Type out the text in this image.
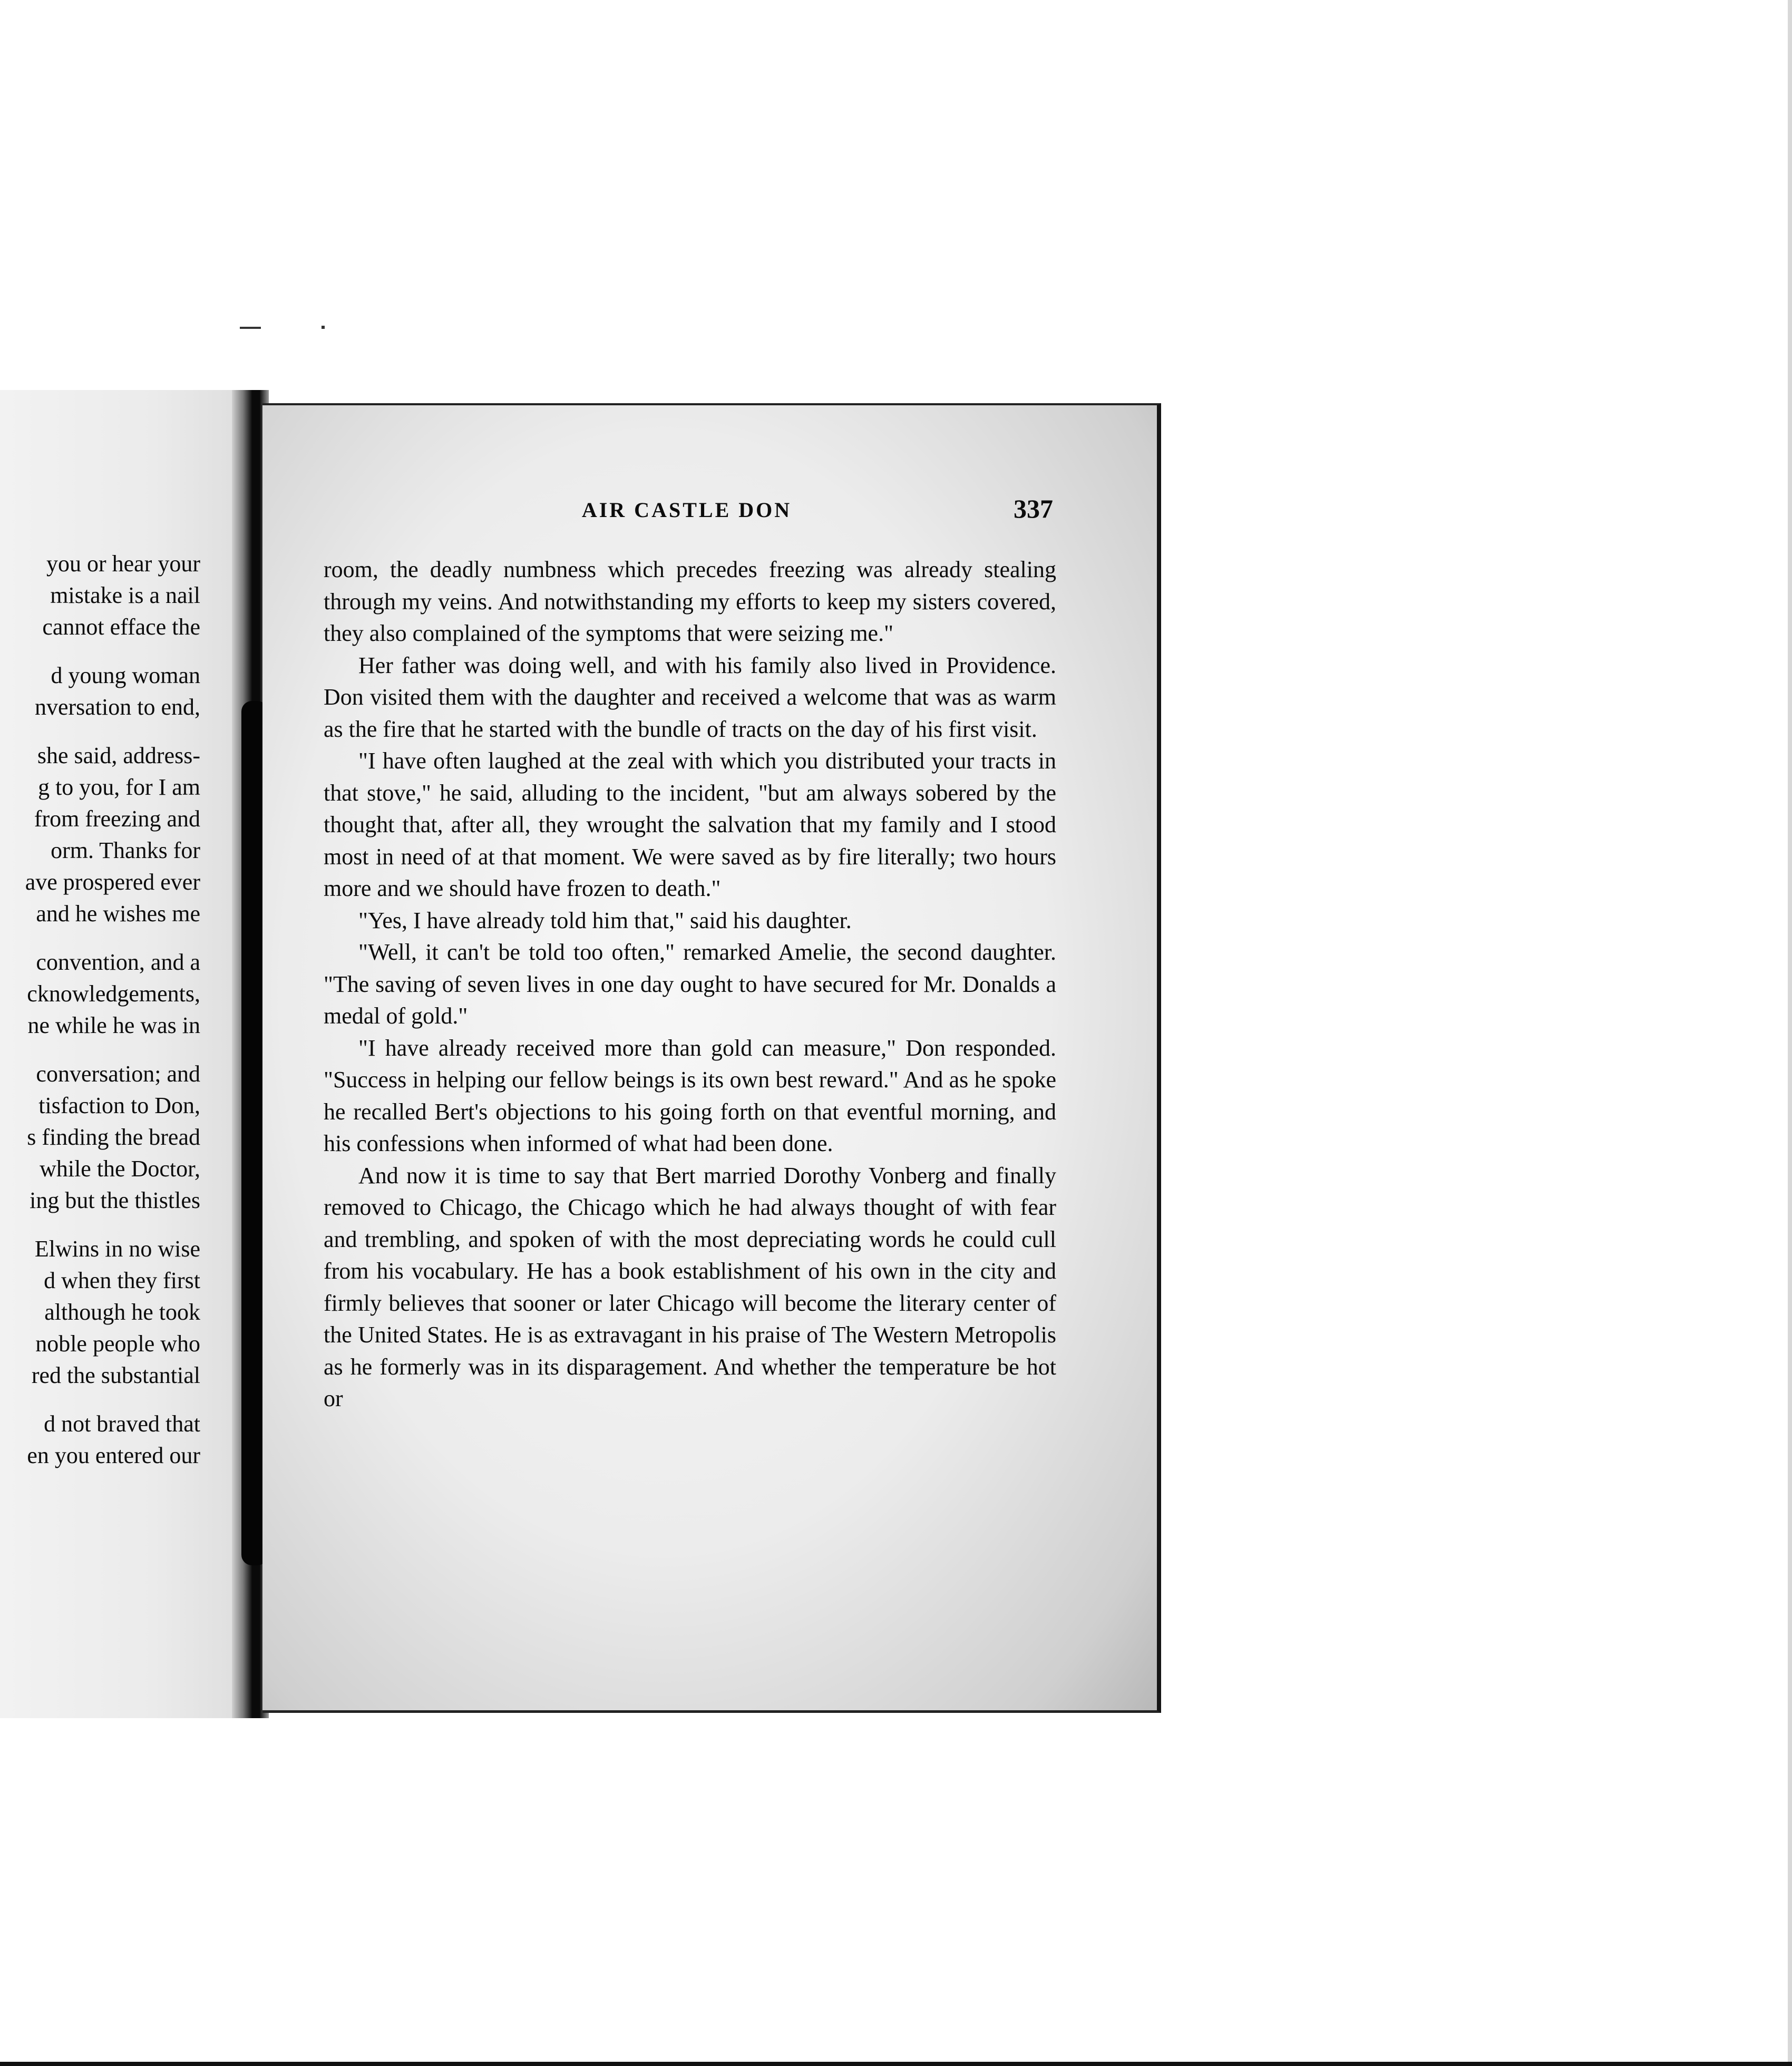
you or hear your
mistake is a nail
cannot efface the
d young woman
nversation to end,
she said, address-
g to you, for I am
from freezing and
orm. Thanks for
ave prospered ever
and he wishes me
convention, and a
cknowledgements,
ne while he was in
conversation; and
tisfaction to Don,
s finding the bread
while the Doctor,
ing but the thistles
Elwins in no wise
d when they first
although he took
noble people who
red the substantial
d not braved that
en you entered our
AIR CASTLE DON	337

room, the deadly numbness which precedes freezing was already stealing through my veins. And notwithstanding my efforts to keep my sisters covered, they also complained of the symptoms that were seizing me."

Her father was doing well, and with his family also lived in Providence. Don visited them with the daughter and received a welcome that was as warm as the fire that he started with the bundle of tracts on the day of his first visit.

"I have often laughed at the zeal with which you distributed your tracts in that stove," he said, alluding to the incident, "but am always sobered by the thought that, after all, they wrought the salvation that my family and I stood most in need of at that moment. We were saved as by fire literally; two hours more and we should have frozen to death."

"Yes, I have already told him that," said his daughter.

"Well, it can't be told too often," remarked Amelie, the second daughter. "The saving of seven lives in one day ought to have secured for Mr. Donalds a medal of gold."

"I have already received more than gold can measure," Don responded. "Success in helping our fellow beings is its own best reward." And as he spoke he recalled Bert's objections to his going forth on that eventful morning, and his confessions when informed of what had been done.

And now it is time to say that Bert married Dorothy Vonberg and finally removed to Chicago, the Chicago which he had always thought of with fear and trembling, and spoken of with the most depreciating words he could cull from his vocabulary. He has a book establishment of his own in the city and firmly believes that sooner or later Chicago will become the literary center of the United States. He is as extravagant in his praise of The Western Metropolis as he formerly was in its disparagement. And whether the temperature be hot or
